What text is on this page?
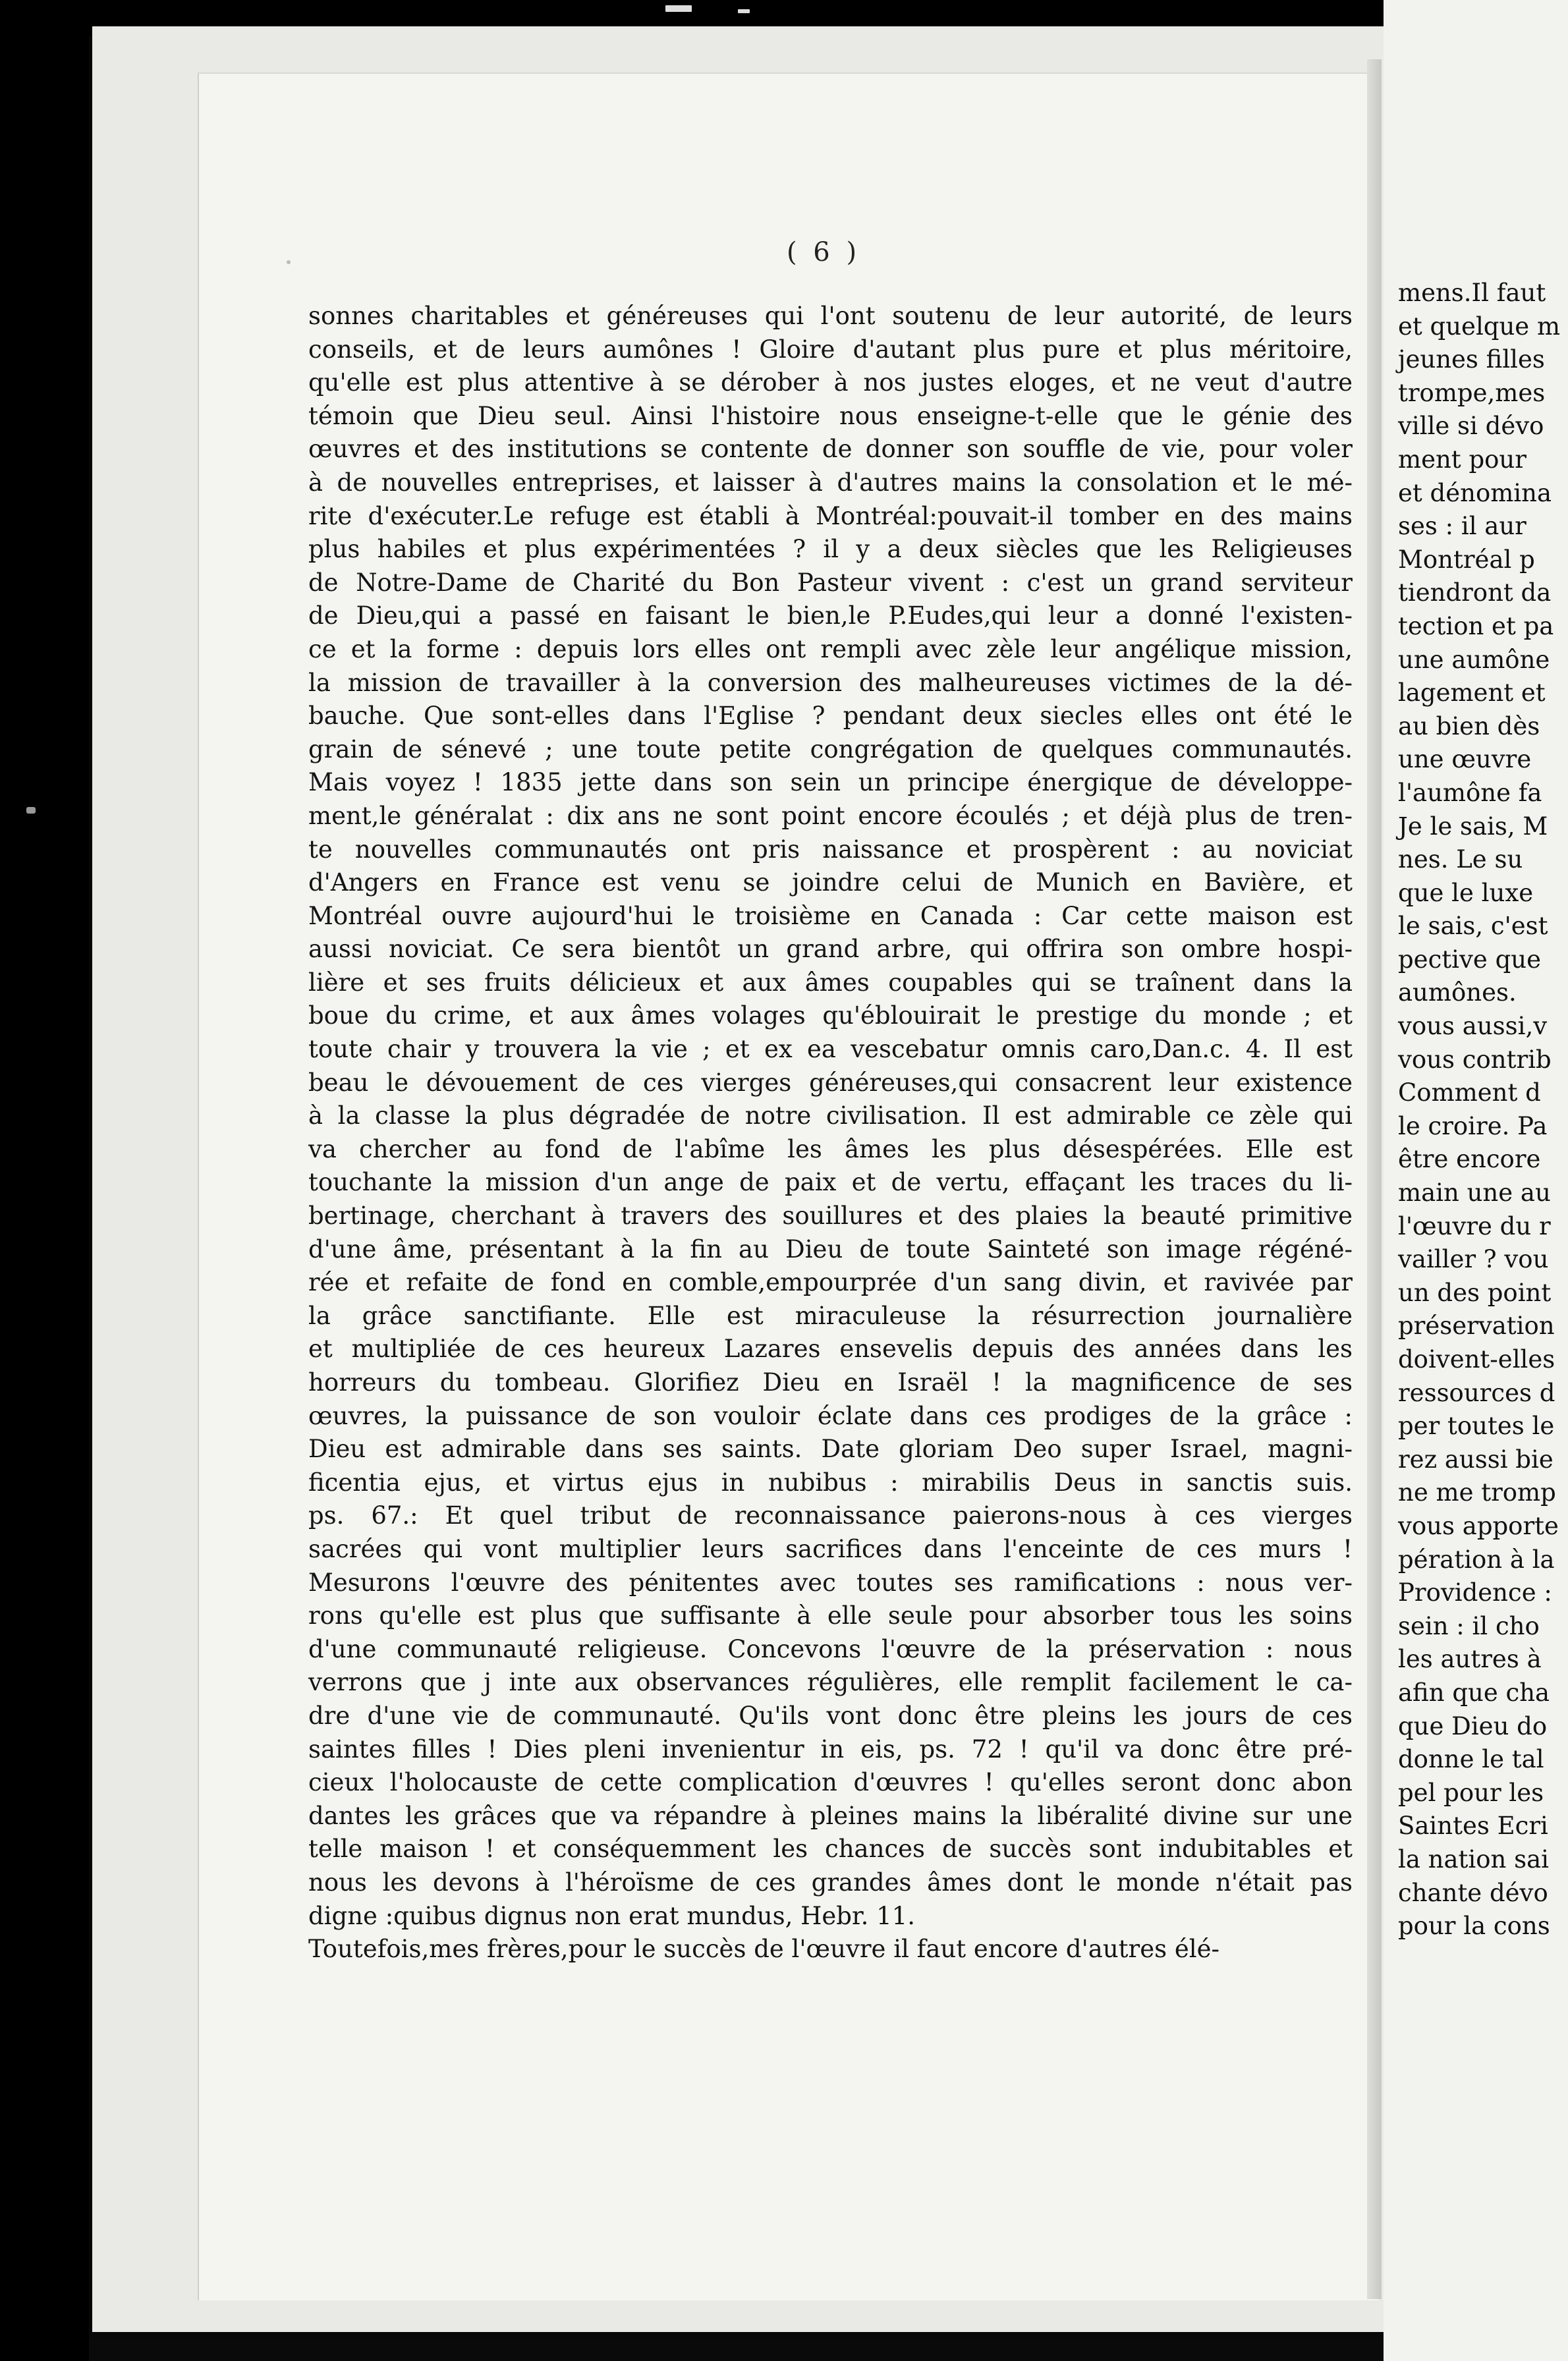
( 6 )
sonnes charitables et généreuses qui l'ont soutenu de leur autorité, de leurs
conseils, et de leurs aumônes ! Gloire d'autant plus pure et plus méritoire,
qu'elle est plus attentive à se dérober à nos justes eloges, et ne veut d'autre
témoin que Dieu seul. Ainsi l'histoire nous enseigne-t-elle que le génie des
œuvres et des institutions se contente de donner son souffle de vie, pour voler
à de nouvelles entreprises, et laisser à d'autres mains la consolation et le mé-
rite d'exécuter.Le refuge est établi à Montréal:pouvait-il tomber en des mains
plus habiles et plus expérimentées ? il y a deux siècles que les Religieuses
de Notre-Dame de Charité du Bon Pasteur vivent : c'est un grand serviteur
de Dieu,qui a passé en faisant le bien,le P.Eudes,qui leur a donné l'existen-
ce et la forme : depuis lors elles ont rempli avec zèle leur angélique mission,
la mission de travailler à la conversion des malheureuses victimes de la dé-
bauche. Que sont-elles dans l'Eglise ? pendant deux siecles elles ont été le
grain de sénevé ; une toute petite congrégation de quelques communautés.
Mais voyez ! 1835 jette dans son sein un principe énergique de développe-
ment,le généralat : dix ans ne sont point encore écoulés ; et déjà plus de tren-
te nouvelles communautés ont pris naissance et prospèrent : au noviciat
d'Angers en France est venu se joindre celui de Munich en Bavière, et
Montréal ouvre aujourd'hui le troisième en Canada : Car cette maison est
aussi noviciat. Ce sera bientôt un grand arbre, qui offrira son ombre hospi-
lière et ses fruits délicieux et aux âmes coupables qui se traînent dans la
boue du crime, et aux âmes volages qu'éblouirait le prestige du monde ; et
toute chair y trouvera la vie ; et ex ea vescebatur omnis caro,Dan.c. 4. Il est
beau le dévouement de ces vierges généreuses,qui consacrent leur existence
à la classe la plus dégradée de notre civilisation. Il est admirable ce zèle qui
va chercher au fond de l'abîme les âmes les plus désespérées. Elle est
touchante la mission d'un ange de paix et de vertu, effaçant les traces du li-
bertinage, cherchant à travers des souillures et des plaies la beauté primitive
d'une âme, présentant à la fin au Dieu de toute Sainteté son image régéné-
rée et refaite de fond en comble,empourprée d'un sang divin, et ravivée par
la grâce sanctifiante. Elle est miraculeuse la résurrection journalière
et multipliée de ces heureux Lazares ensevelis depuis des années dans les
horreurs du tombeau. Glorifiez Dieu en Israël ! la magnificence de ses
œuvres, la puissance de son vouloir éclate dans ces prodiges de la grâce :
Dieu est admirable dans ses saints. Date gloriam Deo super Israel, magni-
ficentia ejus, et virtus ejus in nubibus : mirabilis Deus in sanctis suis.
ps. 67.: Et quel tribut de reconnaissance paierons-nous à ces vierges
sacrées qui vont multiplier leurs sacrifices dans l'enceinte de ces murs !
Mesurons l'œuvre des pénitentes avec toutes ses ramifications : nous ver-
rons qu'elle est plus que suffisante à elle seule pour absorber tous les soins
d'une communauté religieuse. Concevons l'œuvre de la préservation : nous
verrons que j inte aux observances régulières, elle remplit facilement le ca-
dre d'une vie de communauté. Qu'ils vont donc être pleins les jours de ces
saintes filles ! Dies pleni invenientur in eis, ps. 72 ! qu'il va donc être pré-
cieux l'holocauste de cette complication d'œuvres ! qu'elles seront donc abon
dantes les grâces que va répandre à pleines mains la libéralité divine sur une
telle maison ! et conséquemment les chances de succès sont indubitables et
nous les devons à l'héroïsme de ces grandes âmes dont le monde n'était pas
digne :quibus dignus non erat mundus, Hebr. 11.
Toutefois,mes frères,pour le succès de l'œuvre il faut encore d'autres élé-
mens.Il faut
et quelque m
jeunes filles
trompe,mes
ville si dévo
ment pour
et dénomina
ses : il aur
Montréal p
tiendront da
tection et pa
une aumône
lagement et
au bien dès
une œuvre
l'aumône fa
Je le sais, M
nes. Le su
que le luxe
le sais, c'est
pective que
aumônes.
vous aussi,v
vous contrib
Comment d
le croire. Pa
être encore
main une au
l'œuvre du r
vailler ? vou
un des point
préservation
doivent-elles
ressources d
per toutes le
rez aussi bie
ne me tromp
vous apporte
pération à la
Providence :
sein : il cho
les autres à
afin que cha
que Dieu do
donne le tal
pel pour les
Saintes Ecri
la nation sai
chante dévo
pour la cons
